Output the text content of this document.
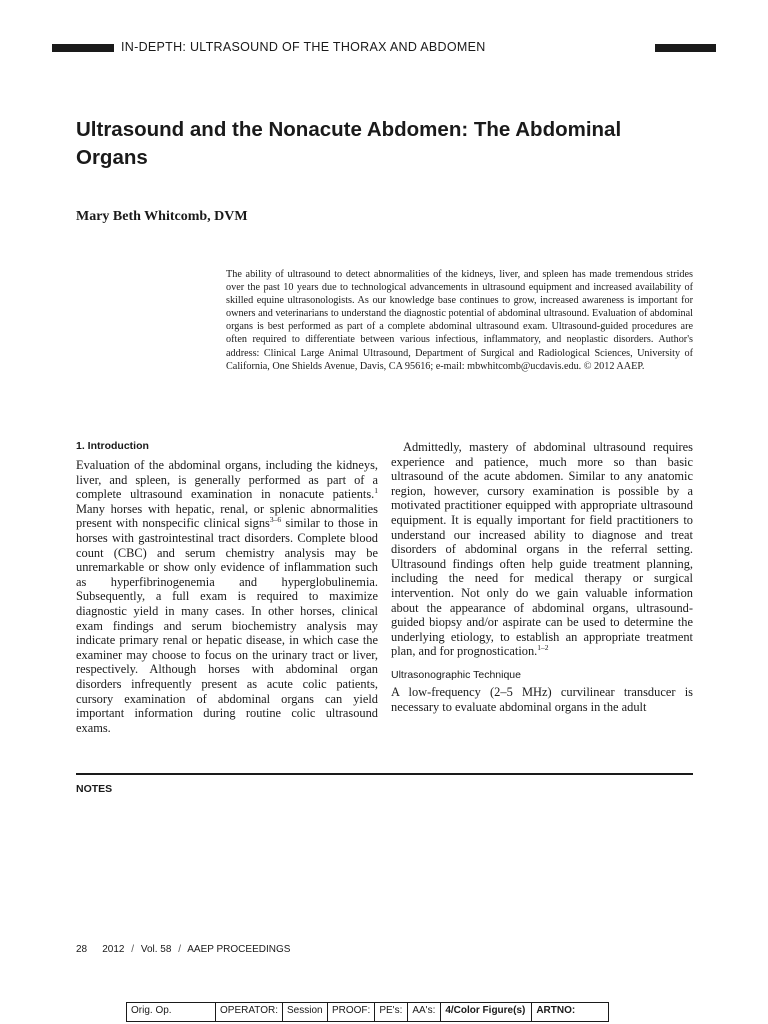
IN-DEPTH: ULTRASOUND OF THE THORAX AND ABDOMEN
Ultrasound and the Nonacute Abdomen: The Abdominal Organs
Mary Beth Whitcomb, DVM

The ability of ultrasound to detect abnormalities of the kidneys, liver, and spleen has made tremendous strides over the past 10 years due to technological advancements in ultrasound equipment and increased availability of skilled equine ultrasonologists. As our knowledge base continues to grow, increased awareness is important for owners and veterinarians to understand the diagnostic potential of abdominal ultrasound. Evaluation of abdominal organs is best performed as part of a complete abdominal ultrasound exam. Ultrasound-guided procedures are often required to differentiate between various infectious, inflammatory, and neoplastic disorders. Author's address: Clinical Large Animal Ultrasound, Department of Surgical and Radiological Sciences, University of California, One Shields Avenue, Davis, CA 95616; e-mail: mbwhitcomb@ucdavis.edu. © 2012 AAEP.

1. Introduction

Evaluation of the abdominal organs, including the kidneys, liver, and spleen, is generally performed as part of a complete ultrasound examination in nonacute patients.$^1$ Many horses with hepatic, renal, or splenic abnormalities present with nonspecific clinical signs$^{3-6}$ similar to those in horses with gastrointestinal tract disorders. Complete blood count (CBC) and serum chemistry analysis may be unremarkable or show only evidence of inflammation such as hyperfibrinogenemia and hyperglobulinemia. Subsequently, a full exam is required to maximize diagnostic yield in many cases. In other horses, clinical exam findings and serum biochemistry analysis may indicate primary renal or hepatic disease, in which case the examiner may choose to focus on the urinary tract or liver, respectively. Although horses with abdominal organ disorders infrequently present as acute colic patients, cursory examination of abdominal organs can yield important information during routine colic ultrasound exams.

Admittedly, mastery of abdominal ultrasound requires experience and patience, much more so than basic ultrasound of the acute abdomen. Similar to any anatomic region, however, cursory examination is possible by a motivated practitioner equipped with appropriate ultrasound equipment. It is equally important for field practitioners to understand our increased ability to diagnose and treat disorders of abdominal organs in the referral setting. Ultrasound findings often help guide treatment planning, including the need for medical therapy or surgical intervention. Not only do we gain valuable information about the appearance of abdominal organs, ultrasound-guided biopsy and/or aspirate can be used to determine the underlying etiology, to establish an appropriate treatment plan, and for prognostication.$^{1-2}$

Ultrasonographic Technique

A low-frequency (2–5 MHz) curvilinear transducer is necessary to evaluate abdominal organs in the adult

NOTES
28 2012 / Vol. 58 / AAEP PROCEEDINGS
Orig. Op.	OPERATOR:	Session	PROOF:	PE's:	AA's:	4/Color Figure(s)	ARTNO:
